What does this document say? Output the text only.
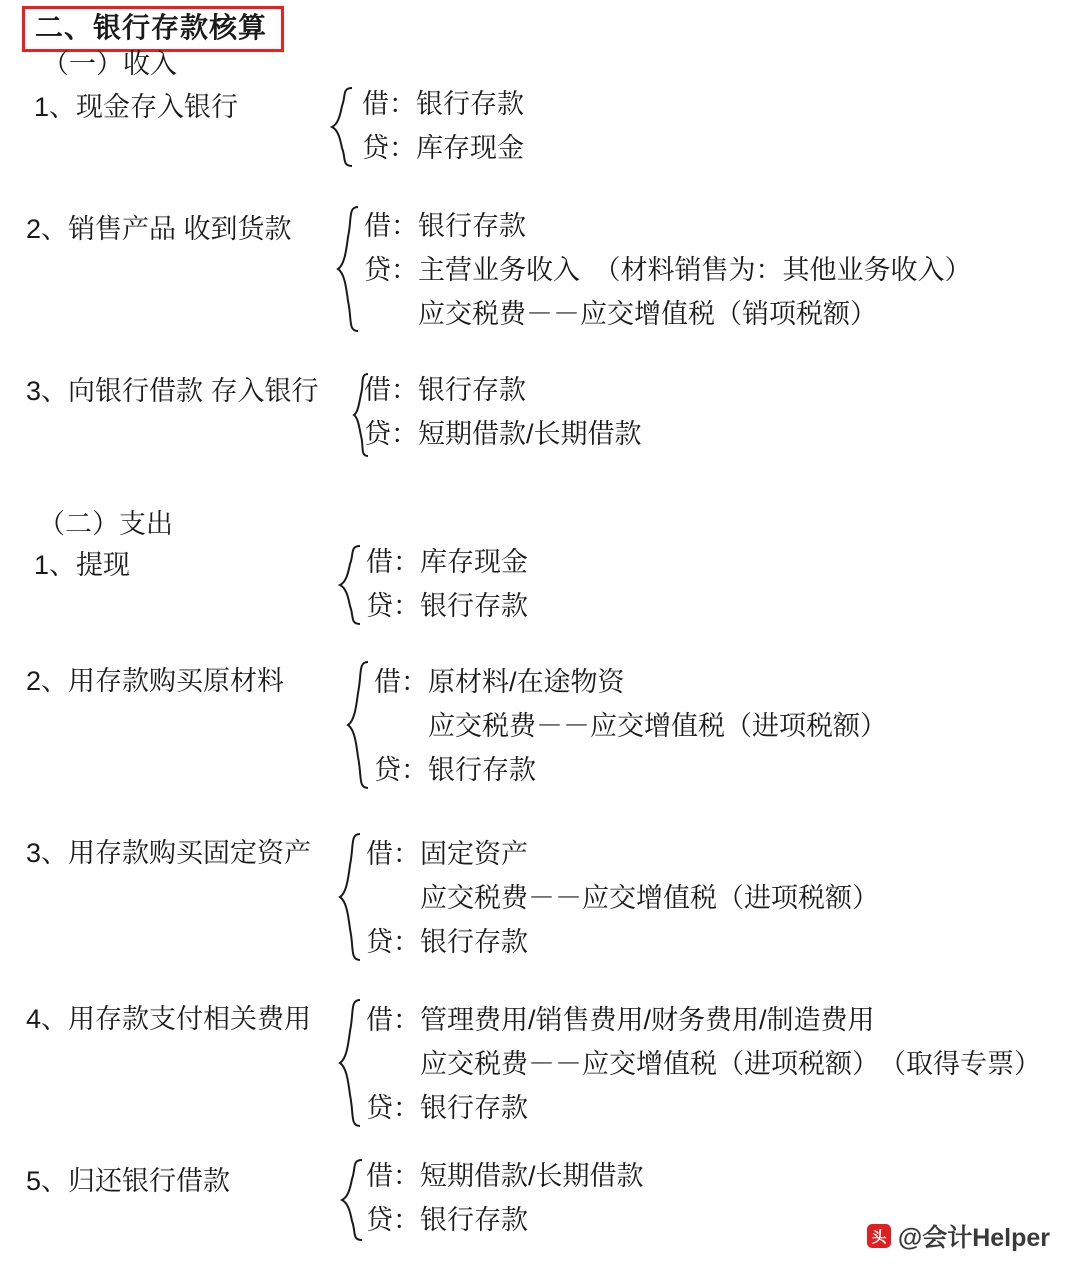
二、银行存款核算
（一）收入
1、现金存入银行	借：银行存款
贷：库存现金
2、销售产品 收到货款	借：银行存款
贷：主营业务收入　（材料销售为：其他业务收入）
　　应交税费－－应交增值税（销项税额）
3、向银行借款 存入银行 借：银行存款
贷：短期借款/长期借款
（二）支出
1、提现	借：库存现金
贷：银行存款
2、用存款购买原材料	借：原材料/在途物资
　　应交税费－－应交增值税（进项税额）
贷：银行存款
3、用存款购买固定资产 借：固定资产
　　应交税费－－应交增值税（进项税额）
贷：银行存款
4、用存款支付相关费用 借：管理费用/销售费用/财务费用/制造费用
　　应交税费－－应交增值税（进项税额）　（取得专票）
贷：银行存款
5、归还银行借款	借：短期借款/长期借款
贷：银行存款
头 @会计Helper
